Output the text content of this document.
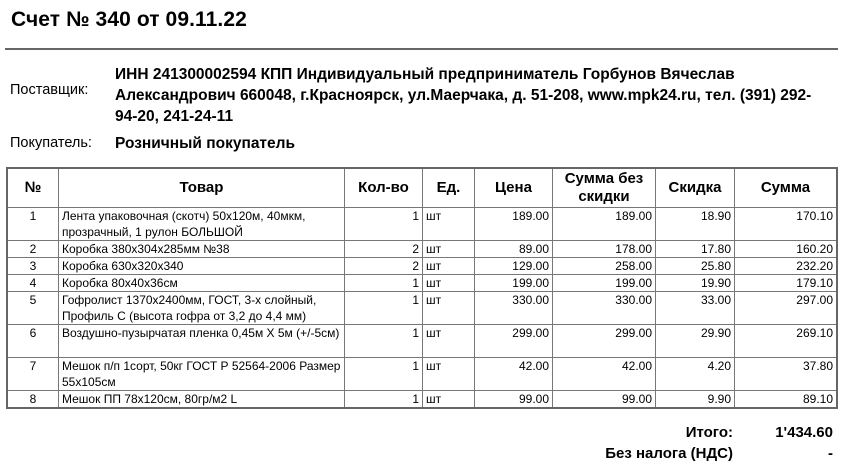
Счет № 340 от 09.11.22
Поставщик:
ИНН 241300002594 КПП Индивидуальный предприниматель Горбунов Вячеслав Александрович 660048, г.Красноярск, ул.Маерчака, д. 51-208, www.mpk24.ru, тел. (391) 292-94-20, 241-24-11
Покупатель: Розничный покупатель
№	Товар	Кол-во	Ед.	Цена	Сумма без скидки	Скидка	Сумма
1	Лента упаковочная (скотч) 50х120м, 40мкм, прозрачный, 1 рулон БОЛЬШОЙ	1	шт	189.00	189.00	18.90	170.10
2	Коробка 380х304х285мм №38	2	шт	89.00	178.00	17.80	160.20
3	Коробка 630х320х340	2	шт	129.00	258.00	25.80	232.20
4	Коробка 80х40х36см	1	шт	199.00	199.00	19.90	179.10
5	Гофролист 1370х2400мм, ГОСТ, 3-х слойный, Профиль С (высота гофра от 3,2 до 4,4 мм)	1	шт	330.00	330.00	33.00	297.00
6	Воздушно-пузырчатая пленка 0,45м Х 5м (+/-5см)	1	шт	299.00	299.00	29.90	269.10
7	Мешок п/п 1сорт, 50кг ГОСТ Р 52564-2006 Размер 55х105см	1	шт	42.00	42.00	4.20	37.80
8	Мешок ПП 78х120см, 80гр/м2 L	1	шт	99.00	99.00	9.90	89.10
Итого:	1'434.60
Без налога (НДС)	-
